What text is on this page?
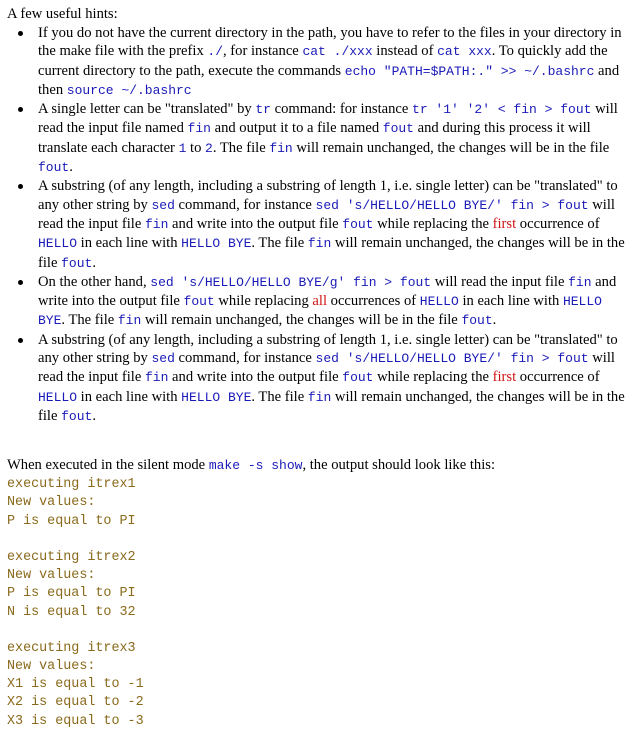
A few useful hints:
If you do not have the current directory in the path, you have to refer to the files in your directory in the make file with the prefix ./, for instance cat ./xxx instead of cat xxx. To quickly add the current directory to the path, execute the commands echo "PATH=$PATH:." >> ~/.bashrc and then source ~/.bashrc
A single letter can be "translated" by tr command: for instance tr '1' '2' < fin > fout will read the input file named fin and output it to a file named fout and during this process it will translate each character 1 to 2. The file fin will remain unchanged, the changes will be in the file fout.
A substring (of any length, including a substring of length 1, i.e. single letter) can be "translated" to any other string by sed command, for instance sed 's/HELLO/HELLO BYE/' fin > fout will read the input file fin and write into the output file fout while replacing the first occurrence of HELLO in each line with HELLO BYE. The file fin will remain unchanged, the changes will be in the file fout.
On the other hand, sed 's/HELLO/HELLO BYE/g' fin > fout will read the input file fin and write into the output file fout while replacing all occurrences of HELLO in each line with HELLO BYE. The file fin will remain unchanged, the changes will be in the file fout.
A substring (of any length, including a substring of length 1, i.e. single letter) can be "translated" to any other string by sed command, for instance sed 's/HELLO/HELLO BYE/' fin > fout will read the input file fin and write into the output file fout while replacing the first occurrence of HELLO in each line with HELLO BYE. The file fin will remain unchanged, the changes will be in the file fout.
When executed in the silent mode make -s show, the output should look like this:
executing itrex1
New values:
P is equal to PI
executing itrex2
New values:
P is equal to PI
N is equal to 32
executing itrex3
New values:
X1 is equal to -1
X2 is equal to -2
X3 is equal to -3
